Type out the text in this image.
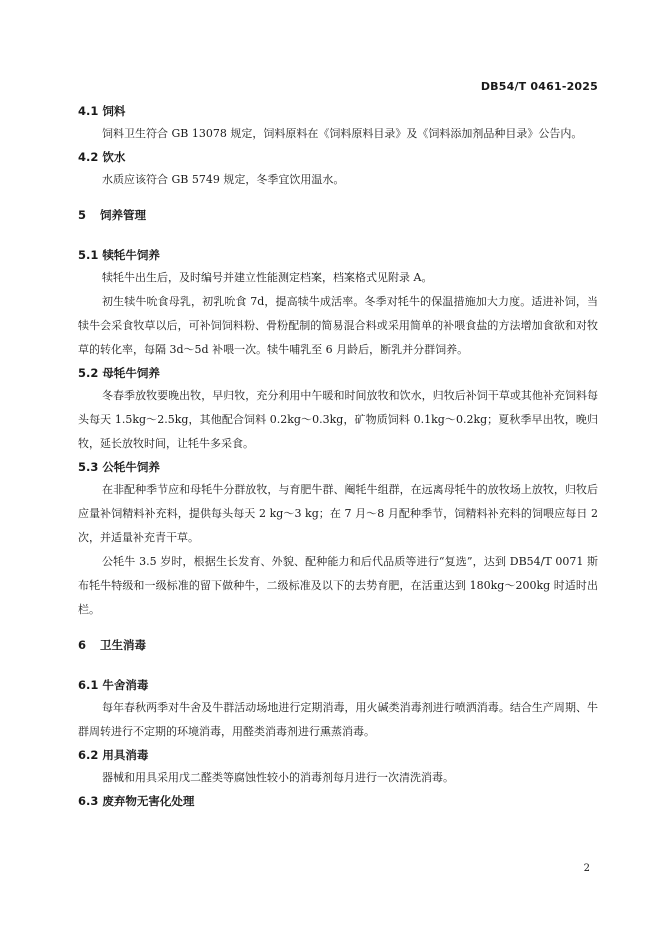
DB54/T 0461-2025
4.1 饲料

饲料卫生符合 GB 13078 规定，饲料原料在《饲料原料目录》及《饲料添加剂品种目录》公告内。

4.2 饮水

水质应该符合 GB 5749 规定，冬季宜饮用温水。

5 饲养管理
5.1 犊牦牛饲养

犊牦牛出生后，及时编号并建立性能测定档案，档案格式见附录 A。

初生犊牛吮食母乳，初乳吮食 7d，提高犊牛成活率。冬季对牦牛的保温措施加大力度。适进补饲，当犊牛会采食牧草以后，可补饲饲料粉、骨粉配制的简易混合料或采用简单的补喂食盐的方法增加食欲和对牧草的转化率，每隔 3d～5d 补喂一次。犊牛哺乳至 6 月龄后，断乳并分群饲养。

5.2 母牦牛饲养

冬春季放牧要晚出牧，早归牧，充分利用中午暖和时间放牧和饮水，归牧后补饲干草或其他补充饲料每头每天 1.5kg～2.5kg，其他配合饲料 0.2kg～0.3kg，矿物质饲料 0.1kg～0.2kg；夏秋季早出牧，晚归牧，延长放牧时间，让牦牛多采食。

5.3 公牦牛饲养

在非配种季节应和母牦牛分群放牧，与育肥牛群、阉牦牛组群，在远离母牦牛的放牧场上放牧，归牧后应量补饲精料补充料，提供每头每天 2 kg～3 kg；在 7 月～8 月配种季节，饲精料补充料的饲喂应每日 2 次，并适量补充青干草。

公牦牛 3.5 岁时，根据生长发育、外貌、配种能力和后代品质等进行“复选”，达到 DB54/T 0071 斯布牦牛特级和一级标准的留下做种牛，二级标准及以下的去势育肥，在活重达到 180kg～200kg 时适时出栏。

6 卫生消毒
6.1 牛舍消毒

每年春秋两季对牛舍及牛群活动场地进行定期消毒，用火碱类消毒剂进行喷洒消毒。结合生产周期、牛群周转进行不定期的环境消毒，用醛类消毒剂进行熏蒸消毒。

6.2 用具消毒

器械和用具采用戊二醛类等腐蚀性较小的消毒剂每月进行一次清洗消毒。

6.3 废弃物无害化处理
2
